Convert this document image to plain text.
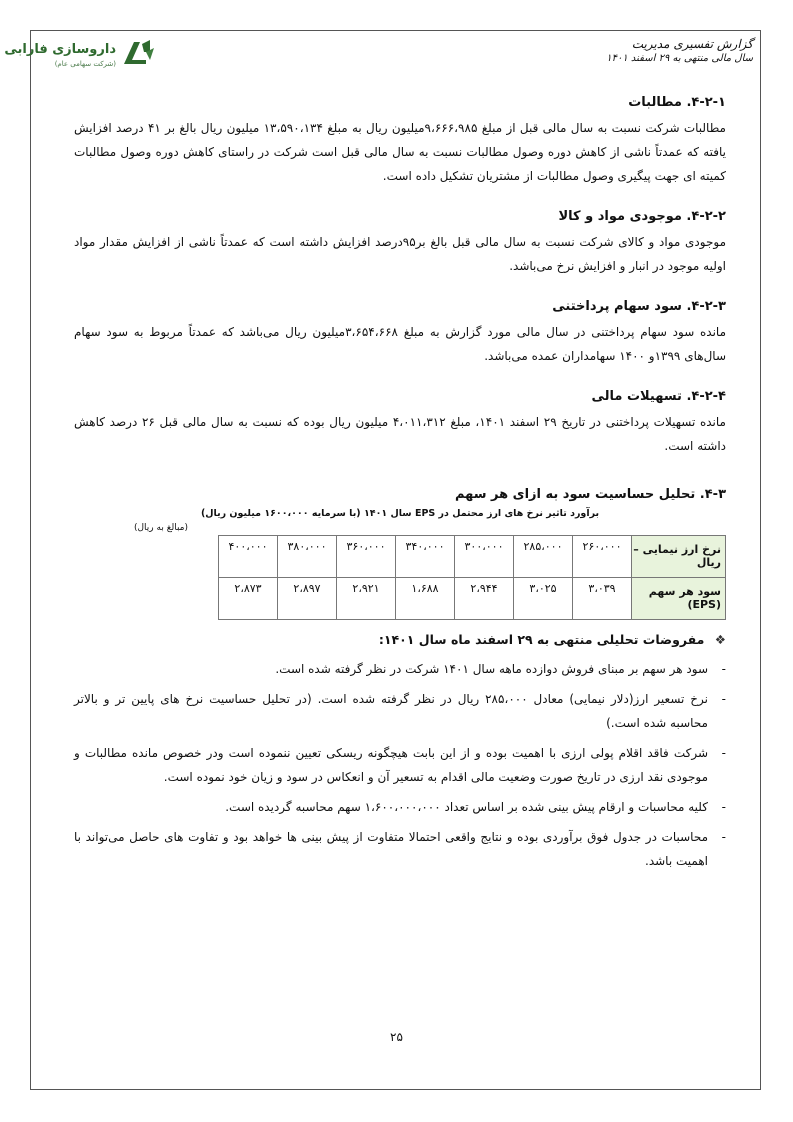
گزارش تفسیری مدیریت
سال مالی منتهی به ۲۹ اسفند ۱۴۰۱
داروسازی فارابی
(شرکت سهامی عام)

۴-۲-۱. مطالبات

مطالبات شرکت نسبت به سال مالی قبل از مبلغ ۹،۶۶۶،۹۸۵میلیون ریال به مبلغ ۱۳،۵۹۰،۱۳۴ میلیون ریال بالغ بر ۴۱ درصد افزایش یافته که عمدتاً ناشی از کاهش دوره وصول مطالبات نسبت به سال مالی قبل است شرکت در راستای کاهش دوره وصول مطالبات کمیته ای جهت پیگیری وصول مطالبات از مشتریان تشکیل داده است.

۴-۲-۲. موجودی مواد و کالا

موجودی مواد و کالای شرکت نسبت به سال مالی قبل بالغ بر۹۵درصد افزایش داشته است که عمدتاً ناشی از افزایش مقدار مواد اولیه موجود در انبار و افزایش نرخ می‌باشد.

۴-۲-۳. سود سهام پرداختنی

مانده سود سهام پرداختنی در سال مالی مورد گزارش به مبلغ ۳،۶۵۴،۶۶۸میلیون ریال می‌باشد که عمدتاً مربوط به سود سهام سال‌های ۱۳۹۹و ۱۴۰۰ سهامداران عمده می‌باشد.

۴-۲-۴. تسهیلات مالی

مانده تسهیلات پرداختنی در تاریخ ۲۹ اسفند ۱۴۰۱، مبلغ ۴،۰۱۱،۳۱۲ میلیون ریال بوده که نسبت به سال مالی قبل ۲۶ درصد کاهش داشته است.

۴-۳. تحلیل حساسیت سود به ازای هر سهم

برآورد تاثیر نرخ های ارز محتمل در EPS سال ۱۴۰۱ (با سرمایه ۱۶۰۰،۰۰۰ میلیون ریال)
(مبالغ به ریال)
نرخ ارز نیمایی – ریال	۲۶۰،۰۰۰	۲۸۵،۰۰۰	۳۰۰،۰۰۰	۳۴۰،۰۰۰	۳۶۰،۰۰۰	۳۸۰،۰۰۰	۴۰۰،۰۰۰
سود هر سهم (EPS)	۳،۰۳۹	۳،۰۲۵	۲،۹۴۴	۱،۶۸۸	۲،۹۲۱	۲،۸۹۷	۲،۸۷۳
❖ مفروضات تحلیلی منتهی به ۲۹ اسفند ماه سال ۱۴۰۱:
-
سود هر سهم بر مبنای فروش دوازده ماهه سال ۱۴۰۱ شرکت در نظر گرفته شده است.
-
نرخ تسعیر ارز(دلار نیمایی) معادل ۲۸۵،۰۰۰ ریال در نظر گرفته شده است. (در تحلیل حساسیت نرخ های پایین تر و بالاتر محاسبه شده است.)
-
شرکت فاقد اقلام پولی ارزی با اهمیت بوده و از این بابت هیچگونه ریسکی تعیین ننموده است ودر خصوص مانده مطالبات و موجودی نقد ارزی در تاریخ صورت وضعیت مالی اقدام به تسعیر آن و انعکاس در سود و زیان خود نموده است.
-
کلیه محاسبات و ارقام پیش بینی شده بر اساس تعداد ۱،۶۰۰،۰۰۰،۰۰۰ سهم محاسبه گردیده است.
-
محاسبات در جدول فوق برآوردی بوده و نتایج واقعی احتمالا متفاوت از پیش بینی ها خواهد بود و تفاوت های حاصل می‌تواند با اهمیت باشد.
۲۵
